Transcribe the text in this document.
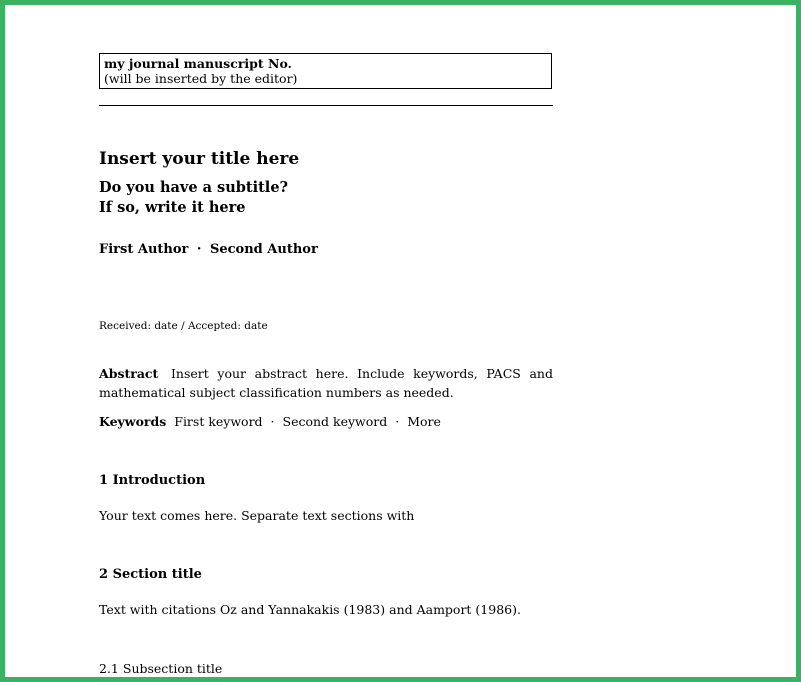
my journal manuscript No.
(will be inserted by the editor)
Insert your title here
Do you have a subtitle?
If so, write it here
First Author · Second Author
Received: date / Accepted: date
Abstract Insert your abstract here. Include keywords, PACS and mathematical subject classification numbers as needed.
Keywords First keyword · Second keyword · More
1 Introduction
Your text comes here. Separate text sections with
2 Section title
Text with citations Oz and Yannakakis (1983) and Aamport (1986).
2.1 Subsection title
